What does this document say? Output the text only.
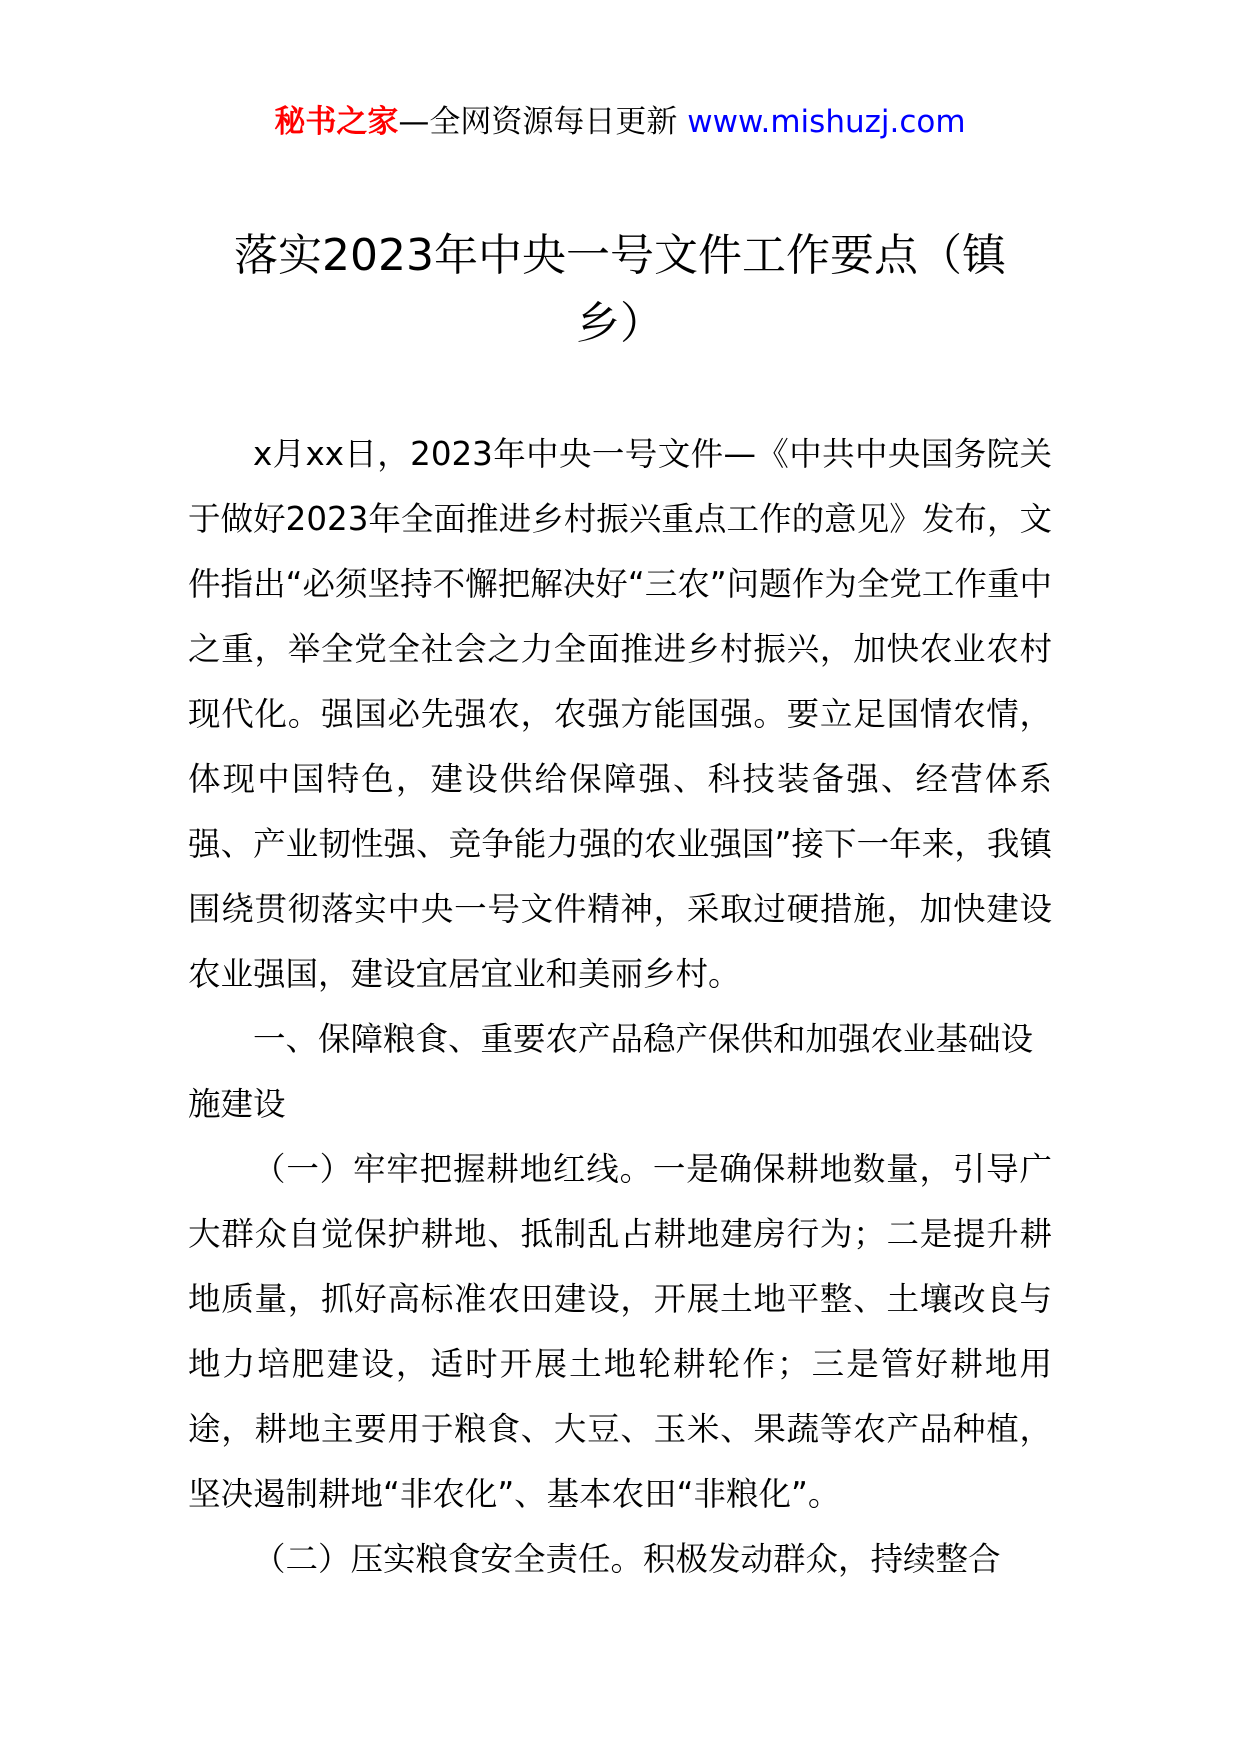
秘书之家—全网资源每日更新 www.mishuzj.com
落实2023年中央一号文件工作要点（镇
乡）

x月xx日，2023年中央一号文件—《中共中央国务院关于做好2023年全面推进乡村振兴重点工作的意见》发布，文件指出“必须坚持不懈把解决好“三农”问题作为全党工作重中之重，举全党全社会之力全面推进乡村振兴，加快农业农村现代化。强国必先强农，农强方能国强。要立足国情农情，体现中国特色，建设供给保障强、科技装备强、经营体系强、产业韧性强、竞争能力强的农业强国”接下一年来，我镇围绕贯彻落实中央一号文件精神，采取过硬措施，加快建设农业强国，建设宜居宜业和美丽乡村。

一、保障粮食、重要农产品稳产保供和加强农业基础设施建设

（一）牢牢把握耕地红线。一是确保耕地数量，引导广大群众自觉保护耕地、抵制乱占耕地建房行为；二是提升耕地质量，抓好高标准农田建设，开展土地平整、土壤改良与地力培肥建设，适时开展土地轮耕轮作；三是管好耕地用途，耕地主要用于粮食、大豆、玉米、果蔬等农产品种植，坚决遏制耕地“非农化”、基本农田“非粮化”。

（二）压实粮食安全责任。积极发动群众，持续整合
